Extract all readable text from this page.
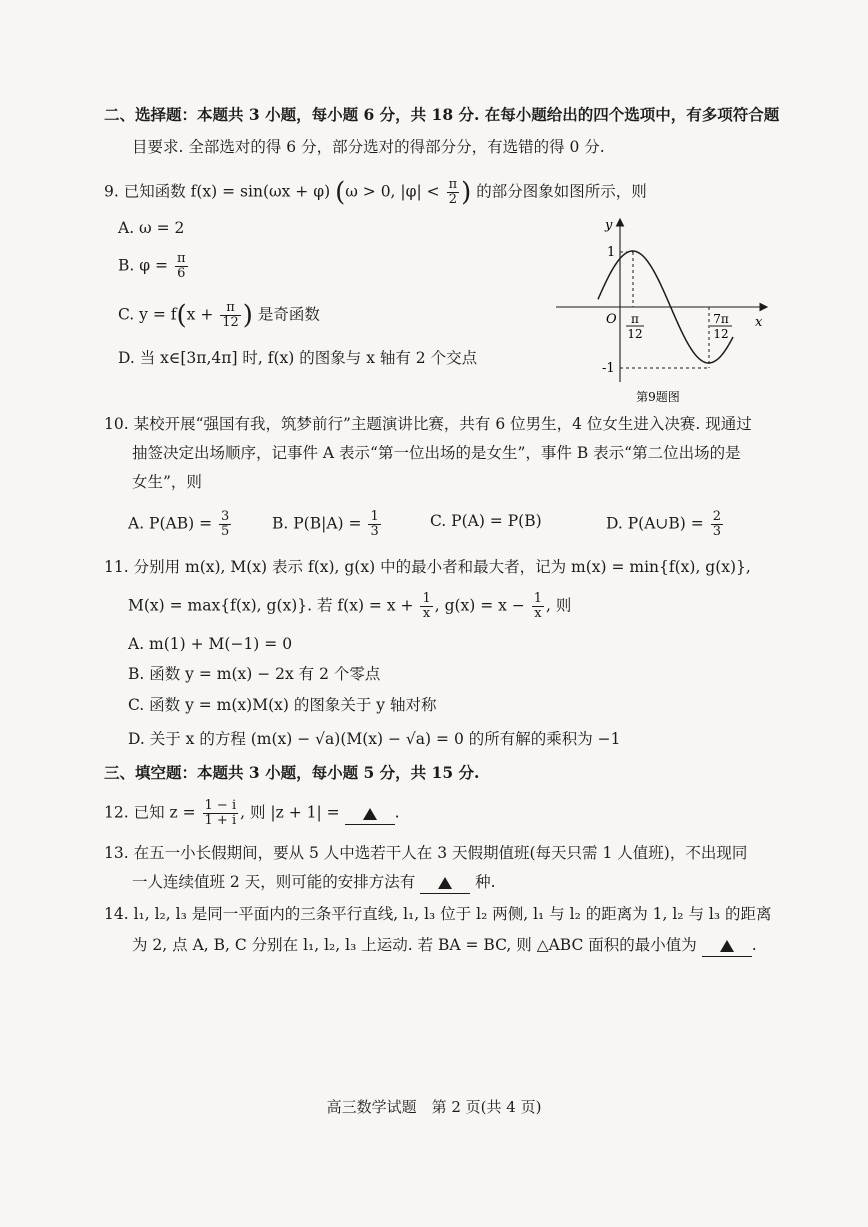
二、选择题：本题共 3 小题，每小题 6 分，共 18 分. 在每小题给出的四个选项中，有多项符合题
目要求. 全部选对的得 6 分，部分选对的得部分分，有选错的得 0 分.
9. 已知函数 f(x) = sin(ωx + φ) (ω > 0, $|\varphi| < \frac{\pi}{2}$ ) 的部分图象如图所示，则
A. ω = 2
B. $\varphi = \frac{\pi}{6}$
C. $y = f(x + \frac{\pi}{12}$ ) 是奇函数
D. 当 x∈[3π,4π] 时, f(x) 的图象与 x 轴有 2 个交点
y
x
O
1
-1
π
12
7π
12
第9题图
10. 某校开展“强国有我，筑梦前行”主题演讲比赛，共有 6 位男生，4 位女生进入决赛. 现通过
抽签决定出场顺序，记事件 A 表示“第一位出场的是女生”，事件 B 表示“第二位出场的是
女生”，则
A. $P(AB) = \frac{3}{5}$	B. $P(B|A) = \frac{1}{3}$	C. P(A) = P(B)	D. P(A∪B) = $\frac{2}{3}$
11. 分别用 m(x), M(x) 表示 f(x), g(x) 中的最小者和最大者，记为 m(x) = min{f(x), g(x)},
M(x) = max{f(x), g(x)}. 若 $f(x) = x + \frac{1}{x}$ , $g(x) = x - \frac{1}{x}$ , 则
A. m(1) + M(−1) = 0
B. 函数 y = m(x) − 2x 有 2 个零点
C. 函数 y = m(x)M(x) 的图象关于 y 轴对称
D. 关于 x 的方程 (m(x) − √a)(M(x) − √a) = 0 的所有解的乘积为 −1
三、填空题：本题共 3 小题，每小题 5 分，共 15 分.
12. 已知 $z = \frac{1 - i}{1 + i}$ , 则 |z + 1| =	.
13. 在五一小长假期间，要从 5 人中选若干人在 3 天假期值班(每天只需 1 人值班)，不出现同
一人连续值班 2 天，则可能的安排方法有	种.
14. l₁, l₂, l₃ 是同一平面内的三条平行直线, l₁, l₃ 位于 l₂ 两侧, l₁ 与 l₂ 的距离为 1, l₂ 与 l₃ 的距离
为 2, 点 A, B, C 分别在 l₁, l₂, l₃ 上运动. 若 BA = BC, 则 △ABC 面积的最小值为	.
高三数学试题　第 2 页(共 4 页)
